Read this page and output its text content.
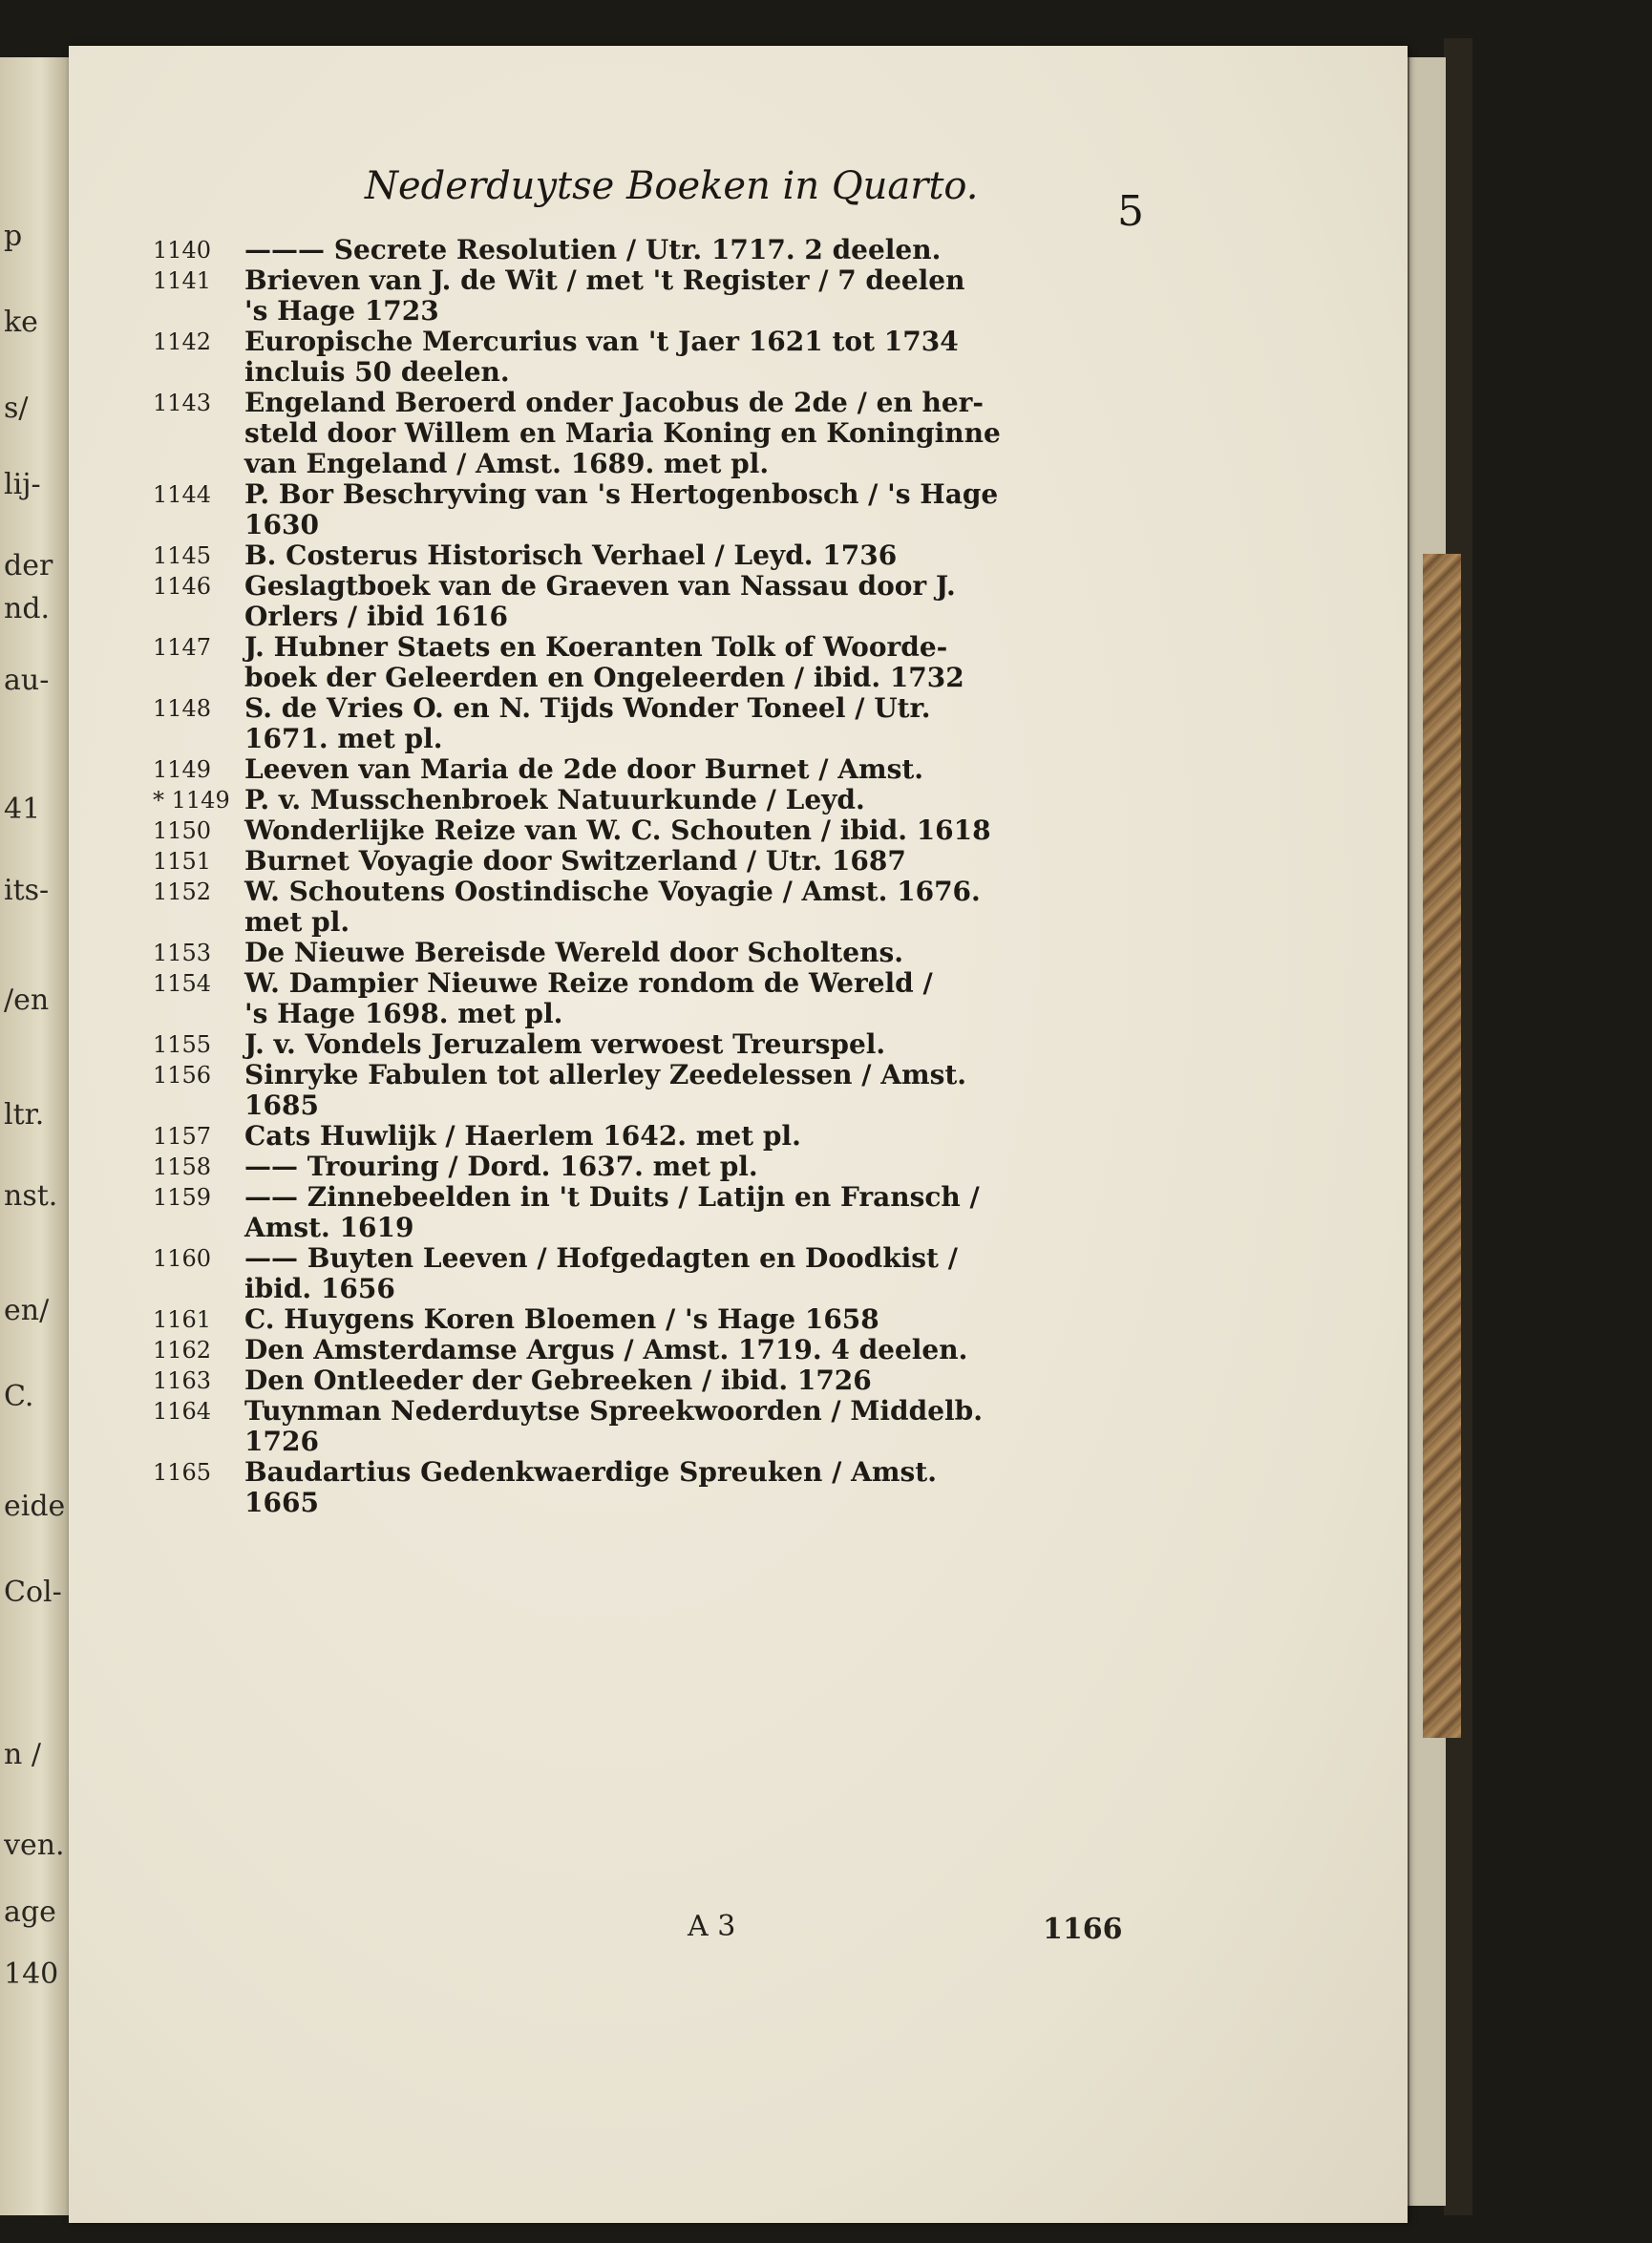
Nederduytse Boeken in Quarto.
5
1140	——— Secrete Resolutien / Utr. 1717. 2 deelen.
1141	Brieven van J. de Wit / met 't Register / 7 deelen
's Hage 1723
1142	Europische Mercurius van 't Jaer 1621 tot 1734
incluis 50 deelen.
1143	Engeland Beroerd onder Jacobus de 2de / en her-
steld door Willem en Maria Koning en Koninginne
van Engeland / Amst. 1689. met pl.
1144	P. Bor Beschryving van 's Hertogenbosch / 's Hage
1630
1145	B. Costerus Historisch Verhael / Leyd. 1736
1146	Geslagtboek van de Graeven van Nassau door J.
Orlers / ibid 1616
1147	J. Hubner Staets en Koeranten Tolk of Woorde-
boek der Geleerden en Ongeleerden / ibid. 1732
1148	S. de Vries O. en N. Tijds Wonder Toneel / Utr.
1671. met pl.
1149	Leeven van Maria de 2de door Burnet / Amst.
* 1149 P. v. Musschenbroek Natuurkunde / Leyd.
1150	Wonderlijke Reize van W. C. Schouten / ibid. 1618
1151	Burnet Voyagie door Switzerland / Utr. 1687
1152	W. Schoutens Oostindische Voyagie / Amst. 1676.
met pl.
1153	De Nieuwe Bereisde Wereld door Scholtens.
1154	W. Dampier Nieuwe Reize rondom de Wereld /
's Hage 1698. met pl.
1155	J. v. Vondels Jeruzalem verwoest Treurspel.
1156	Sinryke Fabulen tot allerley Zeedelessen / Amst.
1685
1157	Cats Huwlijk / Haerlem 1642. met pl.
1158	—— Trouring / Dord. 1637. met pl.
1159	—— Zinnebeelden in 't Duits / Latijn en Fransch /
Amst. 1619
1160	—— Buyten Leeven / Hofgedagten en Doodkist /
ibid. 1656
1161	C. Huygens Koren Bloemen / 's Hage 1658
1162	Den Amsterdamse Argus / Amst. 1719. 4 deelen.
1163	Den Ontleeder der Gebreeken / ibid. 1726
1164	Tuynman Nederduytse Spreekwoorden / Middelb.
1726
1165	Baudartius Gedenkwaerdige Spreuken / Amst.
1665
A 3	1166
p
ke
s/
lij-
der
nd.
au-
41
its-
/en
ltr.
nst.
en/
C.
eide
Col-
n /
ven.
age
140
